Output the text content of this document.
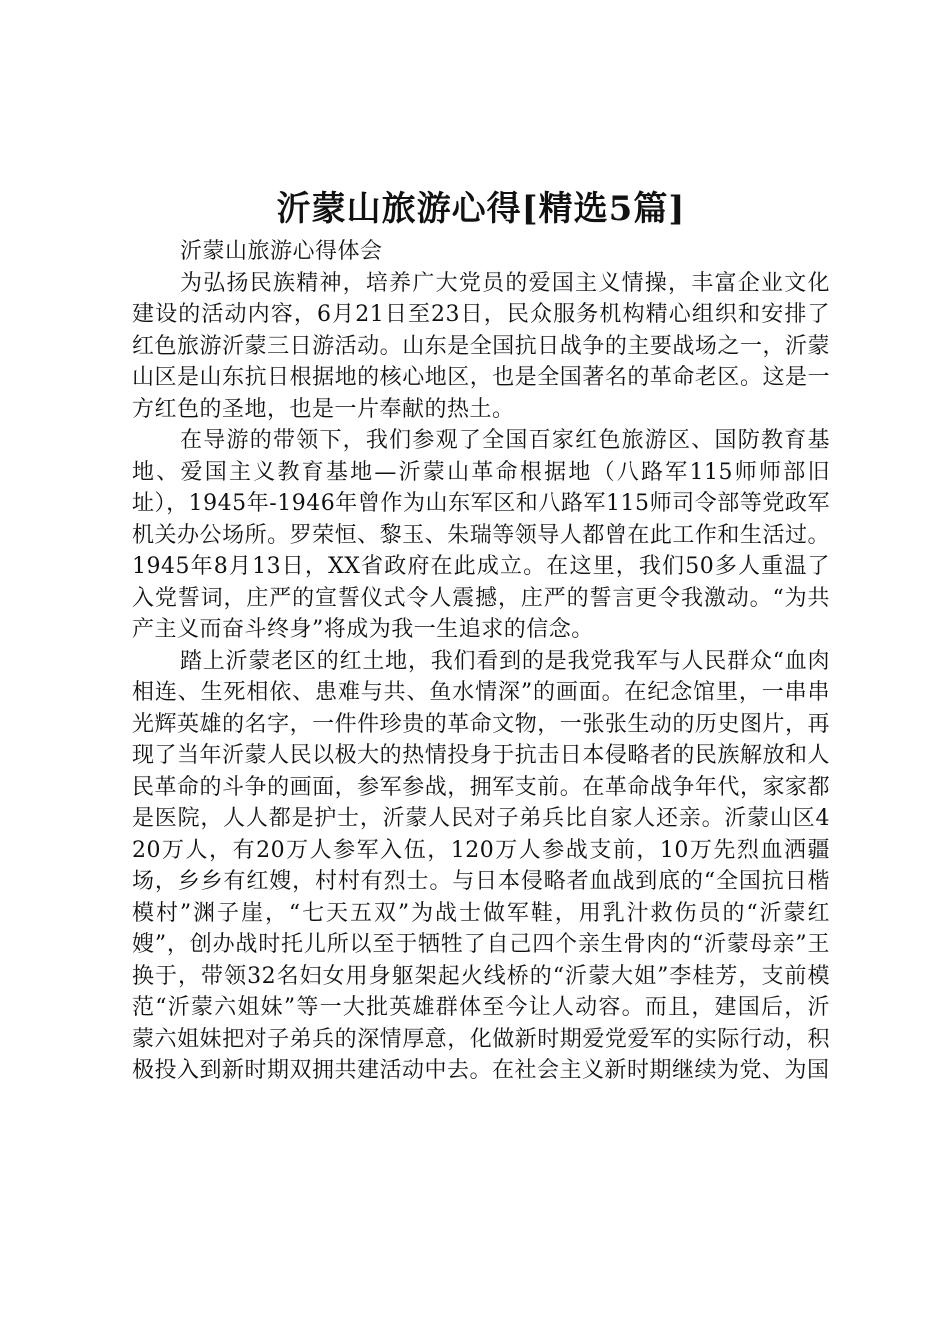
沂蒙山旅游心得[精选5篇]

沂蒙山旅游心得体会

为弘扬民族精神，培养广大党员的爱国主义情操，丰富企业文化建设的活动内容，6月21日至23日，民众服务机构精心组织和安排了红色旅游沂蒙三日游活动。山东是全国抗日战争的主要战场之一，沂蒙山区是山东抗日根据地的核心地区，也是全国著名的革命老区。这是一方红色的圣地，也是一片奉献的热土。

在导游的带领下，我们参观了全国百家红色旅游区、国防教育基地、爱国主义教育基地—沂蒙山革命根据地（八路军115师师部旧址），1945年-1946年曾作为山东军区和八路军115师司令部等党政军机关办公场所。罗荣恒、黎玉、朱瑞等领导人都曾在此工作和生活过。1945年8月13日，XX省政府在此成立。在这里，我们50多人重温了入党誓词，庄严的宣誓仪式令人震撼，庄严的誓言更令我激动。“为共产主义而奋斗终身”将成为我一生追求的信念。

踏上沂蒙老区的红土地，我们看到的是我党我军与人民群众“血肉相连、生死相依、患难与共、鱼水情深”的画面。在纪念馆里，一串串光辉英雄的名字，一件件珍贵的革命文物，一张张生动的历史图片，再现了当年沂蒙人民以极大的热情投身于抗击日本侵略者的民族解放和人民革命的斗争的画面，参军参战，拥军支前。在革命战争年代，家家都是医院，人人都是护士，沂蒙人民对子弟兵比自家人还亲。沂蒙山区420万人，有20万人参军入伍，120万人参战支前，10万先烈血洒疆场，乡乡有红嫂，村村有烈士。与日本侵略者血战到底的“全国抗日楷模村”渊子崖，“七天五双”为战士做军鞋，用乳汁救伤员的“沂蒙红嫂”，创办战时托儿所以至于牺牲了自己四个亲生骨肉的“沂蒙母亲”王换于，带领32名妇女用身躯架起火线桥的“沂蒙大姐”李桂芳，支前模范“沂蒙六姐妹”等一大批英雄群体至今让人动容。而且，建国后，沂蒙六姐妹把对子弟兵的深情厚意，化做新时期爱党爱军的实际行动，积极投入到新时期双拥共建活动中去。在社会主义新时期继续为党、为国
